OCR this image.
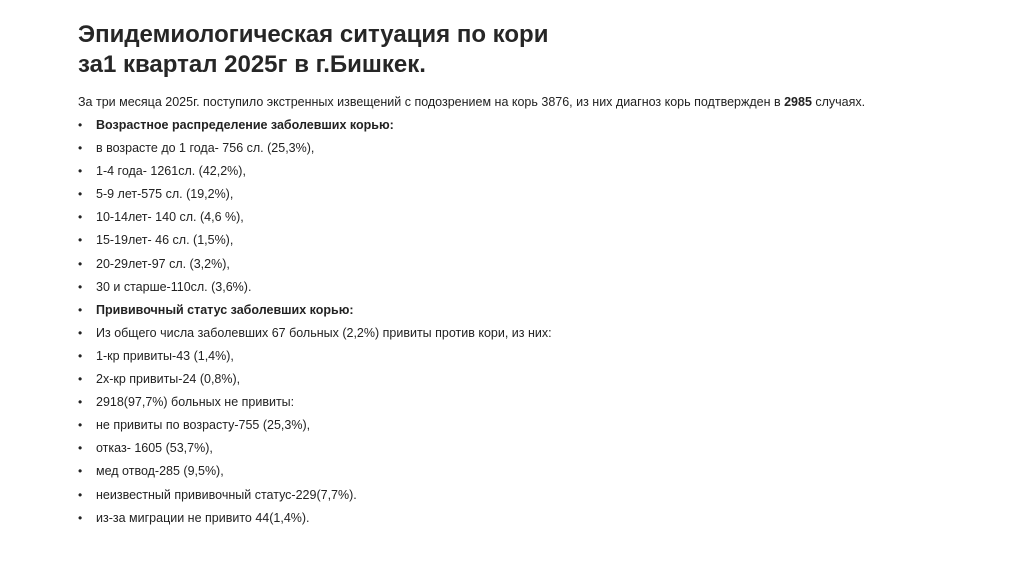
Эпидемиологическая ситуация по кори
за1 квартал 2025г в г.Бишкек.
За три месяца 2025г. поступило экстренных извещений с подозрением на корь 3876, из них диагноз корь подтвержден в 2985 случаях.
• Возрастное распределение заболевших корью:
• в возрасте до 1 года- 756 сл. (25,3%),
• 1-4 года- 1261сл. (42,2%),
• 5-9 лет-575 сл. (19,2%),
• 10-14лет- 140 сл. (4,6 %),
• 15-19лет- 46 сл. (1,5%),
• 20-29лет-97 сл. (3,2%),
• 30 и старше-110сл. (3,6%).
• Прививочный статус заболевших корью:
• Из общего числа заболевших 67 больных (2,2%) привиты против кори, из них:
• 1-кр привиты-43 (1,4%),
• 2х-кр привиты-24 (0,8%),
• 2918(97,7%) больных не привиты:
• не привиты по возрасту-755 (25,3%),
• отказ- 1605 (53,7%),
• мед отвод-285 (9,5%),
• неизвестный прививочный статус-229(7,7%).
• из-за миграции не привито 44(1,4%).
